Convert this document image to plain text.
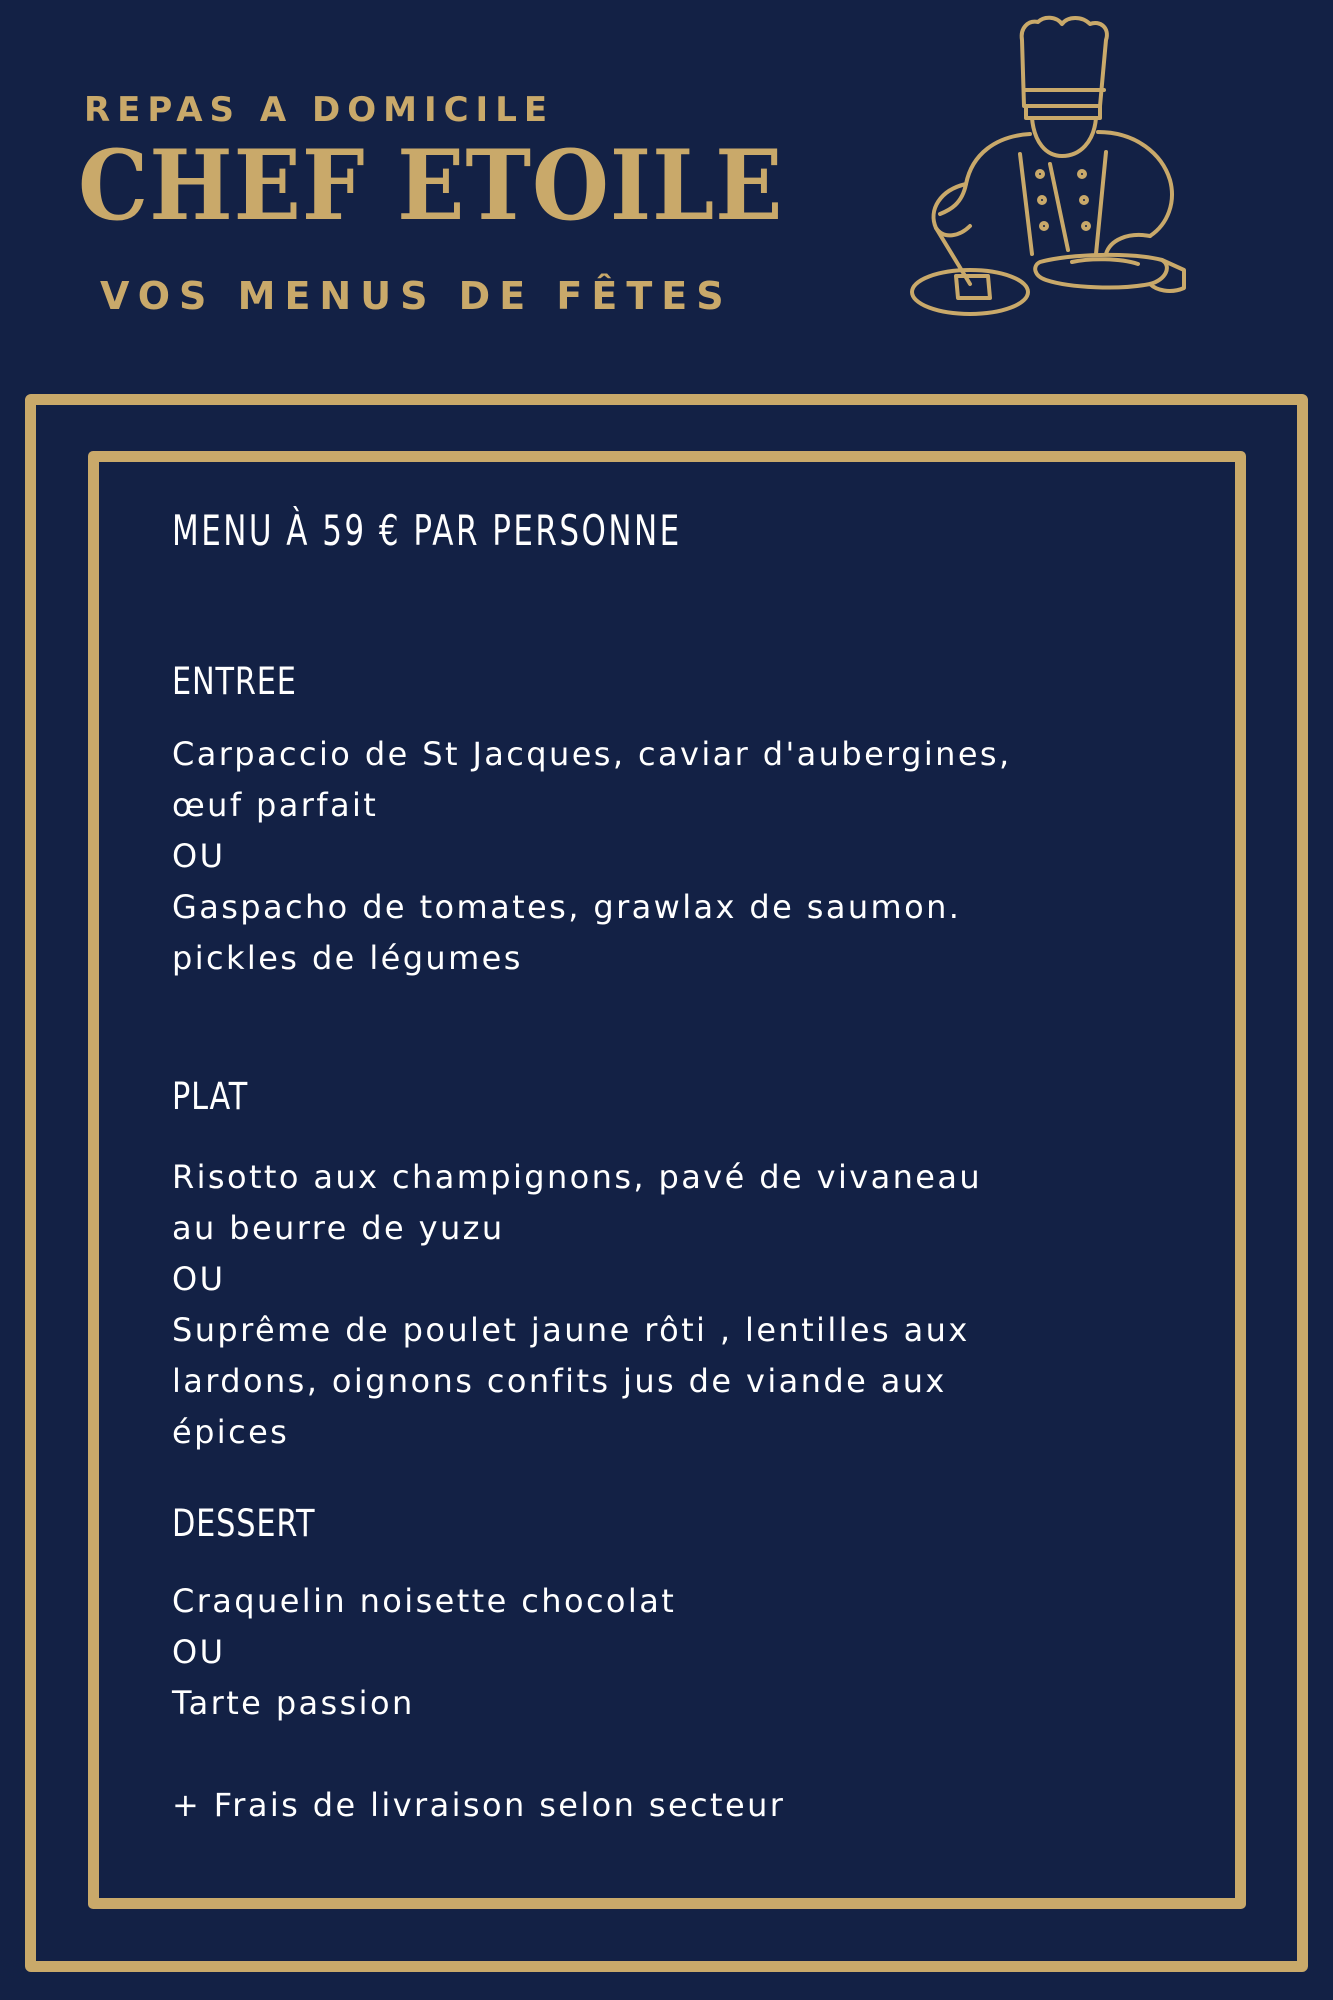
REPAS A DOMICILE
CHEF ETOILE
VOS MENUS DE FÊTES
MENU À 59 € PAR PERSONNE
ENTREE
Carpaccio de St Jacques, caviar d'aubergines,
œuf parfait
OU
Gaspacho de tomates, grawlax de saumon.
pickles de légumes
PLAT
Risotto aux champignons, pavé de vivaneau
au beurre de yuzu
OU
Suprême de poulet jaune rôti , lentilles aux
lardons, oignons confits jus de viande aux
épices
DESSERT
Craquelin noisette chocolat
OU
Tarte passion
+ Frais de livraison selon secteur
